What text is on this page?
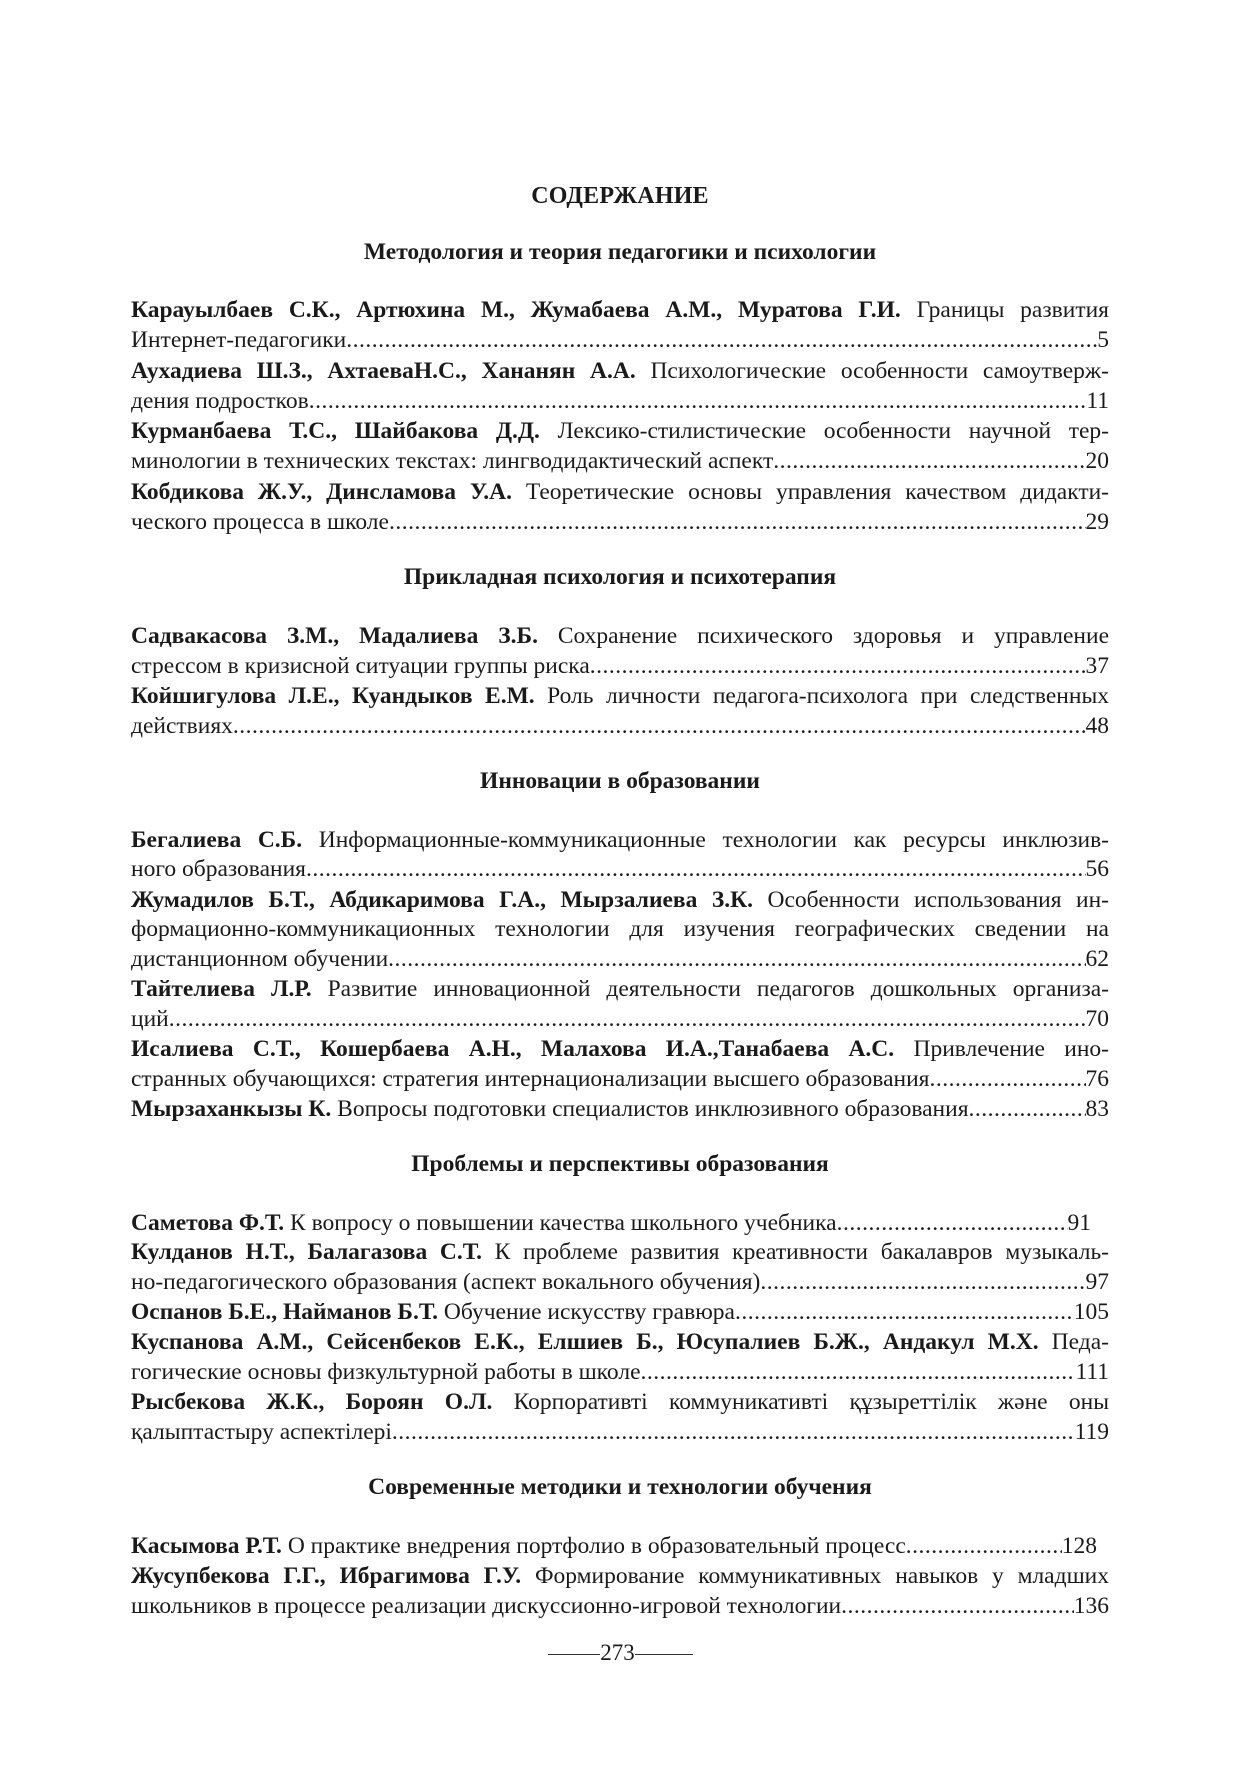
СОДЕРЖАНИЕ
Методология и теория педагогики и психологии
Карауылбаев С.К., Артюхина М., Жумабаева А.М., Муратова Г.И. Границы развития
Интернет-педагогики .....	5
Аухадиева Ш.З., АхтаеваН.С., Хананян А.А. Психологические особенности самоутверж-
дения подростков .....	11
Курманбаева Т.С., Шайбакова Д.Д. Лексико-стилистические особенности научной тер-
минологии в технических текстах: лингводидактический аспект .....	20
Кобдикова Ж.У., Динсламова У.А. Теоретические основы управления качеством дидакти-
ческого процесса в школе .....	29
Прикладная психология и психотерапия
Садвакасова З.М., Мадалиева З.Б. Сохранение психического здоровья и управление
стрессом в кризисной ситуации группы риска .....	37
Койшигулова Л.Е., Куандыков Е.М. Роль личности педагога-психолога при следственных
действиях .....	48
Инновации в образовании
Бегалиева С.Б. Информационные-коммуникационные технологии как ресурсы инклюзив-
ного образования .....	56
Жумадилов Б.Т., Абдикаримова Г.А., Мырзалиева З.К. Особенности использования ин-
формационно-коммуникационных технологии для изучения географических сведении на
дистанционном обучении .....	62
Тайтелиева Л.Р. Развитие инновационной деятельности педагогов дошкольных организа-
ций .....	70
Исалиева С.Т., Кошербаева А.Н., Малахова И.А.,Танабаева А.С. Привлечение ино-
странных обучающихся: стратегия интернационализации высшего образования .....	76
Мырзаханкызы К. Вопросы подготовки специалистов инклюзивного образования .....	83
Проблемы и перспективы образования
Саметова Ф.Т. К вопросу о повышении качества школьного учебника .....	91
Кулданов Н.Т., Балагазова С.Т. К проблеме развития креативности бакалавров музыкаль-
но-педагогического образования (аспект вокального обучения) .....	97
Оспанов Б.Е., Найманов Б.Т. Обучение искусству гравюра .....	105
Куспанова А.М., Сейсенбеков Е.К., Елшиев Б., Юсупалиев Б.Ж., Андакул М.Х. Педа-
гогические основы физкультурной работы в школе .....	111
Рысбекова Ж.К., Бороян О.Л. Корпоративті коммуникативті құзыреттілік және оны
қалыптастыру аспектілері .....	119
Современные методики и технологии обучения
Касымова Р.Т. О практике внедрения портфолио в образовательный процесс .....	128
Жусупбекова Г.Г., Ибрагимова Г.У. Формирование коммуникативных навыков у младших
школьников в процессе реализации дискуссионно-игровой технологии .....	136
273
